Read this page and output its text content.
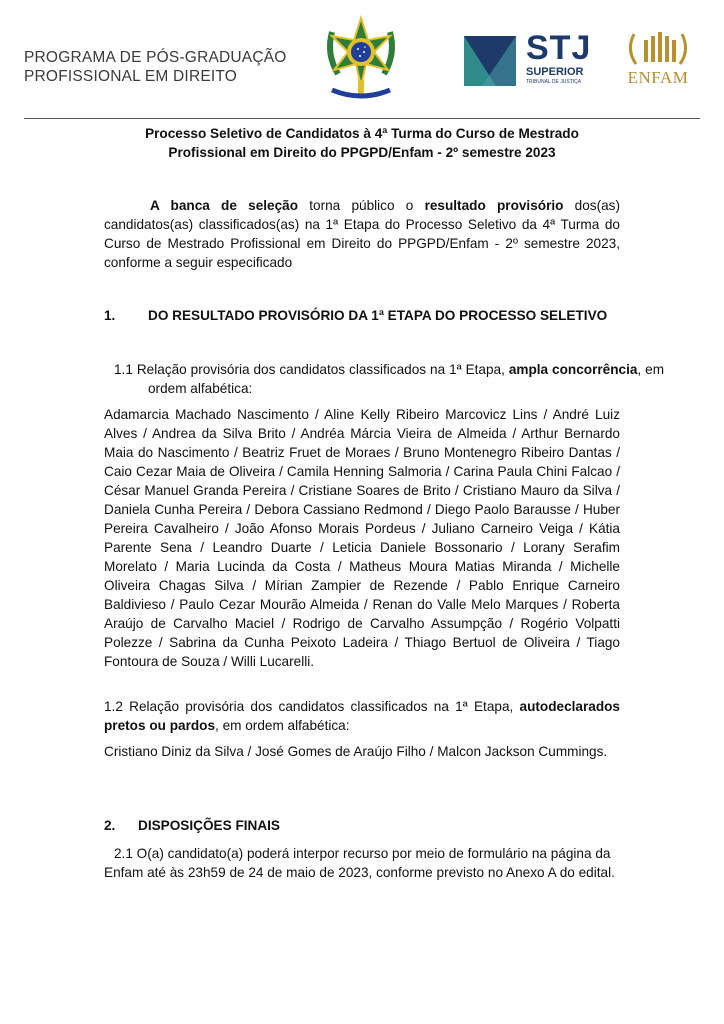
PROGRAMA DE PÓS-GRADUAÇÃO
PROFISSIONAL EM DIREITO
STJ
SUPERIOR
TRIBUNAL DE JUSTIÇA	ENFAM
Processo Seletivo de Candidatos à 4ª Turma do Curso de Mestrado
Profissional em Direito do PPGPD/Enfam - 2º semestre 2023
A banca de seleção torna público o resultado provisório dos(as) candidatos(as) classificados(as) na 1ª Etapa do Processo Seletivo da 4ª Turma do Curso de Mestrado Profissional em Direito do PPGPD/Enfam - 2º semestre 2023, conforme a seguir especificado
1. DO RESULTADO PROVISÓRIO DA 1ª ETAPA DO PROCESSO SELETIVO
1.1 Relação provisória dos candidatos classificados na 1ª Etapa, ampla concorrência, em ordem alfabética:
Adamarcia Machado Nascimento / Aline Kelly Ribeiro Marcovicz Lins / André Luiz Alves / Andrea da Silva Brito / Andréa Márcia Vieira de Almeida / Arthur Bernardo Maia do Nascimento / Beatriz Fruet de Moraes / Bruno Montenegro Ribeiro Dantas / Caio Cezar Maia de Oliveira / Camila Henning Salmoria / Carina Paula Chini Falcao / César Manuel Granda Pereira / Cristiane Soares de Brito / Cristiano Mauro da Silva / Daniela Cunha Pereira / Debora Cassiano Redmond / Diego Paolo Barausse / Huber Pereira Cavalheiro / João Afonso Morais Pordeus / Juliano Carneiro Veiga / Kátia Parente Sena / Leandro Duarte / Leticia Daniele Bossonario / Lorany Serafim Morelato / Maria Lucinda da Costa / Matheus Moura Matias Miranda / Michelle Oliveira Chagas Silva / Mírian Zampier de Rezende / Pablo Enrique Carneiro Baldivieso / Paulo Cezar Mourão Almeida / Renan do Valle Melo Marques / Roberta Araújo de Carvalho Maciel / Rodrigo de Carvalho Assumpção / Rogério Volpatti Polezze / Sabrina da Cunha Peixoto Ladeira / Thiago Bertuol de Oliveira / Tiago Fontoura de Souza / Willi Lucarelli.
1.2 Relação provisória dos candidatos classificados na 1ª Etapa, autodeclarados pretos ou pardos, em ordem alfabética:
Cristiano Diniz da Silva / José Gomes de Araújo Filho / Malcon Jackson Cummings.
2. DISPOSIÇÕES FINAIS
2.1 O(a) candidato(a) poderá interpor recurso por meio de formulário na página da Enfam até às 23h59 de 24 de maio de 2023, conforme previsto no Anexo A do edital.
